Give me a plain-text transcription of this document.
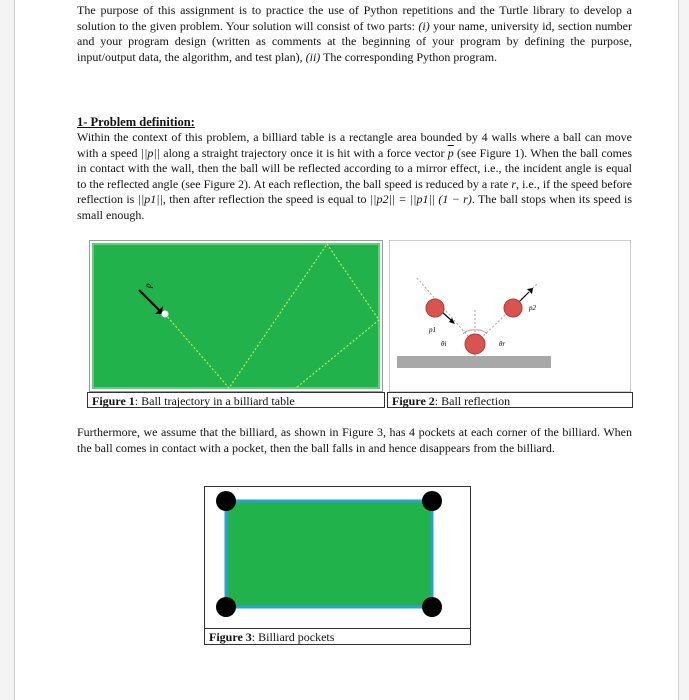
The purpose of this assignment is to practice the use of Python repetitions and the Turtle library to develop a solution to the given problem. Your solution will consist of two parts: (i) your name, university id, section number and your program design (written as comments at the beginning of your program by defining the purpose, input/output data, the algorithm, and test plan), (ii) The corresponding Python program.

1- Problem definition:

Within the context of this problem, a billiard table is a rectangle area bounded by 4 walls where a ball can move with a speed ||p|| along a straight trajectory once it is hit with a force vector $\overline{p}$ (see Figure 1). When the ball comes in contact with the wall, then the ball will be reflected according to a mirror effect, i.e., the incident angle is equal to the reflected angle (see Figure 2). At each reflection, the ball speed is reduced by a rate r, i.e., if the speed before reflection is ||p1||, then after reflection the speed is equal to ||p2|| = ||p1|| (1 − r). The ball stops when its speed is small enough.

p
Figure 1: Ball trajectory in a billiard table
p1
p2
θi	θr
Figure 2: Ball reflection

Furthermore, we assume that the billiard, as shown in Figure 3, has 4 pockets at each corner of the billiard. When the ball comes in contact with a pocket, then the ball falls in and hence disappears from the billiard.

Figure 3: Billiard pockets
